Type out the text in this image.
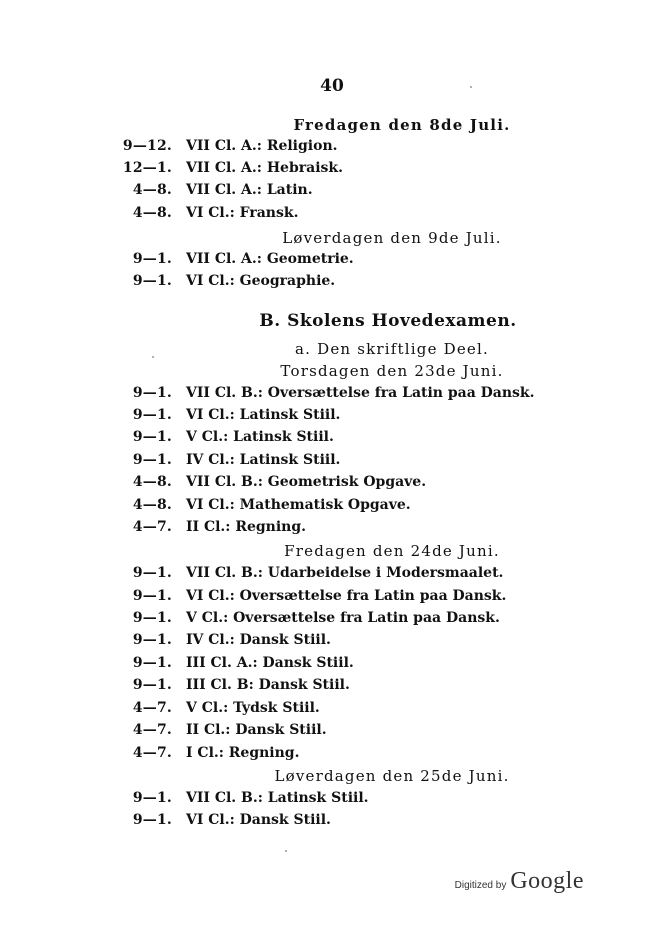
40
Fredagen den 8de Juli.
9—12. VII Cl. A.: Religion.
12—1. VII Cl. A.: Hebraisk.
4—8. VII Cl. A.: Latin.
4—8. VI Cl.: Fransk.
Løverdagen den 9de Juli.
9—1. VII Cl. A.: Geometrie.
9—1. VI Cl.: Geographie.
B. Skolens Hovedexamen.
a. Den skriftlige Deel.
Torsdagen den 23de Juni.
9—1. VII Cl. B.: Oversættelse fra Latin paa Dansk.
9—1. VI Cl.: Latinsk Stiil.
9—1. V Cl.: Latinsk Stiil.
9—1. IV Cl.: Latinsk Stiil.
4—8. VII Cl. B.: Geometrisk Opgave.
4—8. VI Cl.: Mathematisk Opgave.
4—7. II Cl.: Regning.
Fredagen den 24de Juni.
9—1. VII Cl. B.: Udarbeidelse i Modersmaalet.
9—1. VI Cl.: Oversættelse fra Latin paa Dansk.
9—1. V Cl.: Oversættelse fra Latin paa Dansk.
9—1. IV Cl.: Dansk Stiil.
9—1. III Cl. A.: Dansk Stiil.
9—1. III Cl. B: Dansk Stiil.
4—7. V Cl.: Tydsk Stiil.
4—7. II Cl.: Dansk Stiil.
4—7. I Cl.: Regning.
Løverdagen den 25de Juni.
9—1. VII Cl. B.: Latinsk Stiil.
9—1. VI Cl.: Dansk Stiil.
Digitized by Google
